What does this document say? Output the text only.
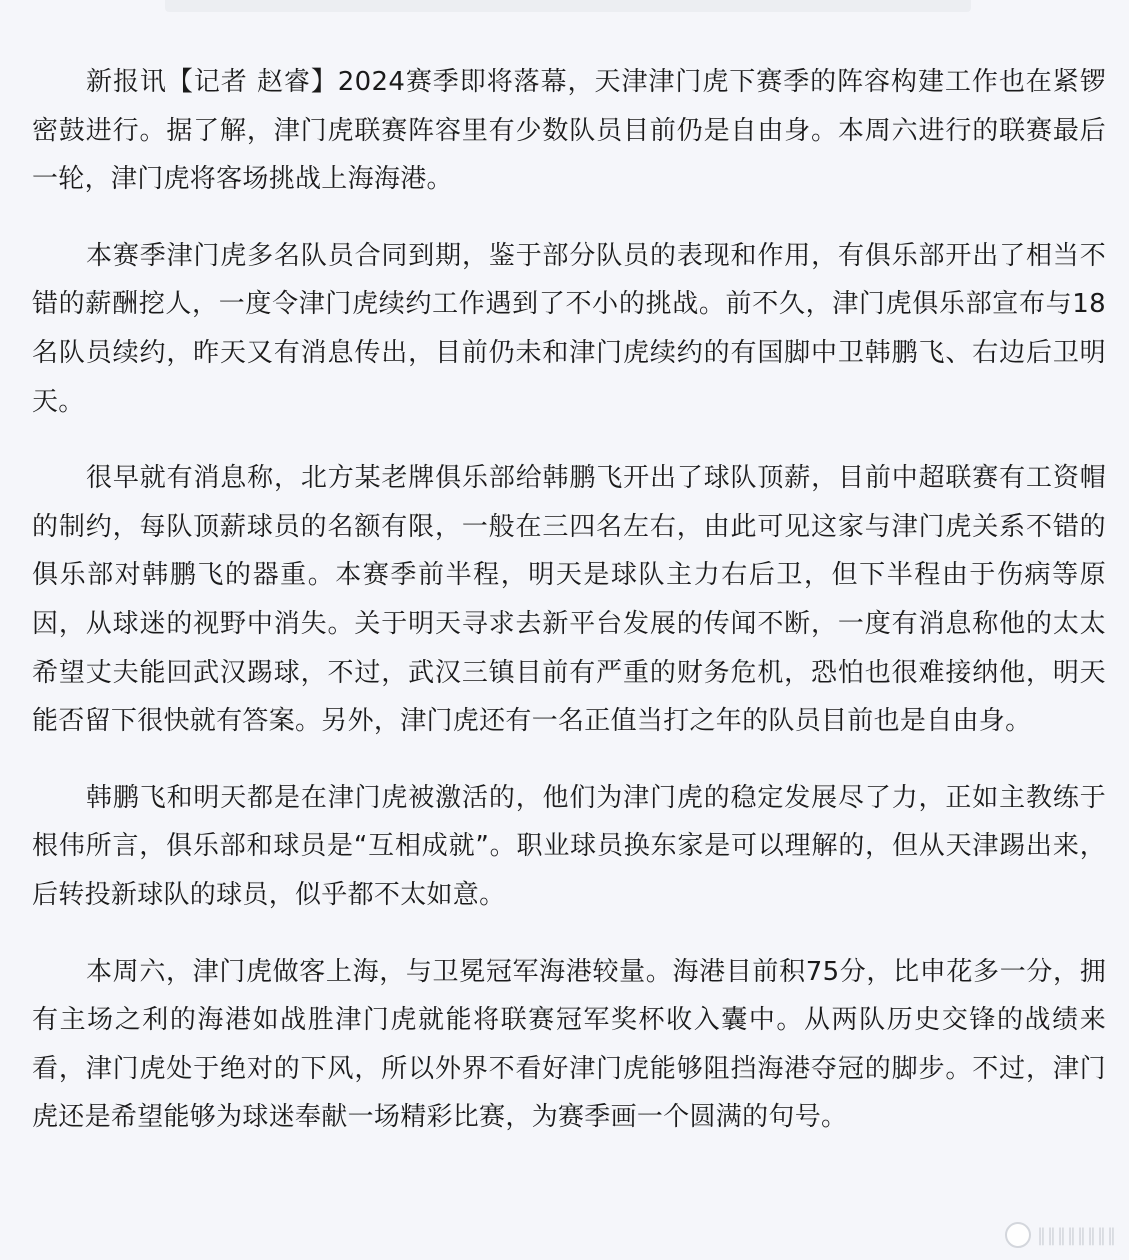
新报讯【记者 赵睿】2024赛季即将落幕，天津津门虎下赛季的阵容构建工作也在紧锣密鼓进行。据了解，津门虎联赛阵容里有少数队员目前仍是自由身。本周六进行的联赛最后一轮，津门虎将客场挑战上海海港。

本赛季津门虎多名队员合同到期，鉴于部分队员的表现和作用，有俱乐部开出了相当不错的薪酬挖人，一度令津门虎续约工作遇到了不小的挑战。前不久，津门虎俱乐部宣布与18名队员续约，昨天又有消息传出，目前仍未和津门虎续约的有国脚中卫韩鹏飞、右边后卫明天。

很早就有消息称，北方某老牌俱乐部给韩鹏飞开出了球队顶薪，目前中超联赛有工资帽的制约，每队顶薪球员的名额有限，一般在三四名左右，由此可见这家与津门虎关系不错的俱乐部对韩鹏飞的器重。本赛季前半程，明天是球队主力右后卫，但下半程由于伤病等原因，从球迷的视野中消失。关于明天寻求去新平台发展的传闻不断，一度有消息称他的太太希望丈夫能回武汉踢球，不过，武汉三镇目前有严重的财务危机，恐怕也很难接纳他，明天能否留下很快就有答案。另外，津门虎还有一名正值当打之年的队员目前也是自由身。

韩鹏飞和明天都是在津门虎被激活的，他们为津门虎的稳定发展尽了力，正如主教练于根伟所言，俱乐部和球员是“互相成就”。职业球员换东家是可以理解的，但从天津踢出来，后转投新球队的球员，似乎都不太如意。

本周六，津门虎做客上海，与卫冕冠军海港较量。海港目前积75分，比申花多一分，拥有主场之利的海港如战胜津门虎就能将联赛冠军奖杯收入囊中。从两队历史交锋的战绩来看，津门虎处于绝对的下风，所以外界不看好津门虎能够阻挡海港夺冠的脚步。不过，津门虎还是希望能够为球迷奉献一场精彩比赛，为赛季画一个圆满的句号。

‖‖‖‖‖‖‖‖
